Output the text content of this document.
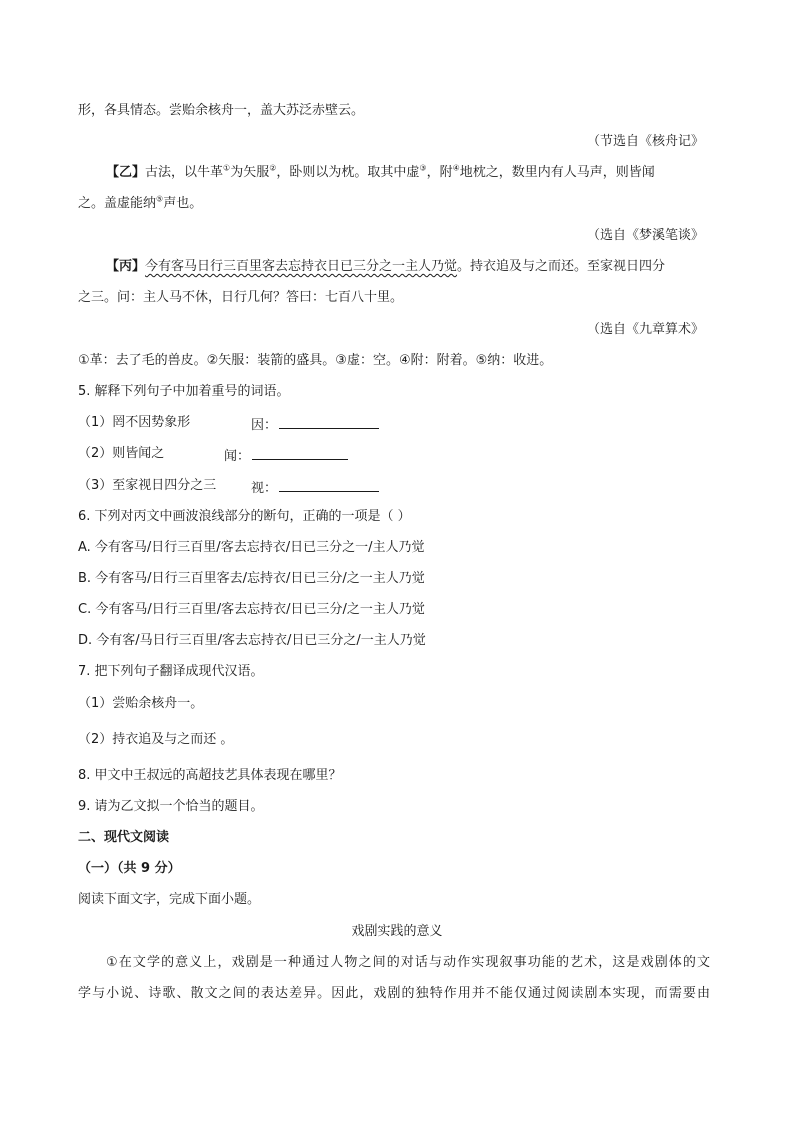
形，各具情态。尝贻余核舟一，盖大苏泛赤壁云。
（节选自《核舟记》
【乙】古法，以牛革①为矢服②，卧则以为枕。取其中虚③，附④地枕之，数里内有人马声，则皆闻
之。盖虚能纳⑤声也。
（选自《梦溪笔谈》
【丙】今有客马日行三百里客去忘持衣日已三分之一主人乃觉。持衣追及与之而还。至家视日四分
之三。问：主人马不休，日行几何？答曰：七百八十里。
（选自《九章算术》
①革：去了毛的兽皮。②矢服：装箭的盛具。③虚：空。④附：附着。⑤纳：收进。
5. 解释下列句子中加着重号的词语。
（1）罔不因势象形	因：
（2）则皆闻之	闻：
（3）至家视日四分之三	视：
6. 下列对丙文中画波浪线部分的断句，正确的一项是（ ）
A. 今有客马/日行三百里/客去忘持衣/日已三分之一/主人乃觉
B. 今有客马/日行三百里客去/忘持衣/日已三分/之一主人乃觉
C. 今有客马/日行三百里/客去忘持衣/日已三分/之一主人乃觉
D. 今有客/马日行三百里/客去忘持衣/日已三分之/一主人乃觉
7. 把下列句子翻译成现代汉语。
（1）尝贻余核舟一。
（2）持衣追及与之而还 。
8. 甲文中王叔远的高超技艺具体表现在哪里？
9. 请为乙文拟一个恰当的题目。
二、现代文阅读
（一）（共 9 分）
阅读下面文字，完成下面小题。
戏剧实践的意义
①在文学的意义上，戏剧是一种通过人物之间的对话与动作实现叙事功能的艺术，这是戏剧体的文
学与小说、诗歌、散文之间的表达差异。因此，戏剧的独特作用并不能仅通过阅读剧本实现，而需要由
